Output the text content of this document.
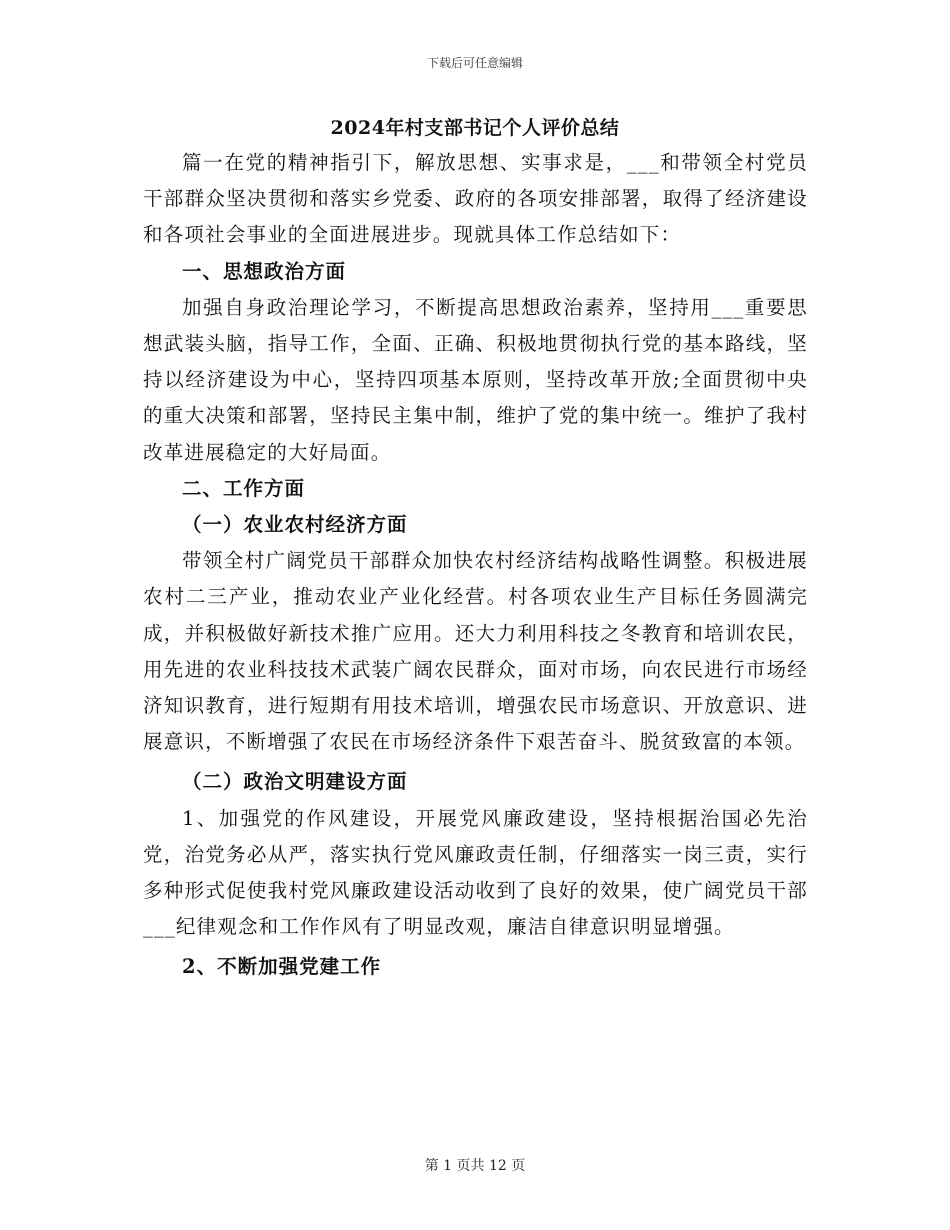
下载后可任意编辑
2024年村支部书记个人评价总结

篇一在党的精神指引下，解放思想、实事求是，___和带领全村党员干部群众坚决贯彻和落实乡党委、政府的各项安排部署，取得了经济建设和各项社会事业的全面进展进步。现就具体工作总结如下：

一、思想政治方面

加强自身政治理论学习，不断提高思想政治素养，坚持用___重要思想武装头脑，指导工作，全面、正确、积极地贯彻执行党的基本路线，坚持以经济建设为中心，坚持四项基本原则，坚持改革开放;全面贯彻中央的重大决策和部署，坚持民主集中制，维护了党的集中统一。维护了我村改革进展稳定的大好局面。

二、工作方面

（一）农业农村经济方面

带领全村广阔党员干部群众加快农村经济结构战略性调整。积极进展农村二三产业，推动农业产业化经营。村各项农业生产目标任务圆满完成，并积极做好新技术推广应用。还大力利用科技之冬教育和培训农民，用先进的农业科技技术武装广阔农民群众，面对市场，向农民进行市场经济知识教育，进行短期有用技术培训，增强农民市场意识、开放意识、进展意识，不断增强了农民在市场经济条件下艰苦奋斗、脱贫致富的本领。

（二）政治文明建设方面

1、加强党的作风建设，开展党风廉政建设，坚持根据治国必先治党，治党务必从严，落实执行党风廉政责任制，仔细落实一岗三责，实行多种形式促使我村党风廉政建设活动收到了良好的效果，使广阔党员干部___纪律观念和工作作风有了明显改观，廉洁自律意识明显增强。

2、不断加强党建工作

第 1 页共 12 页
